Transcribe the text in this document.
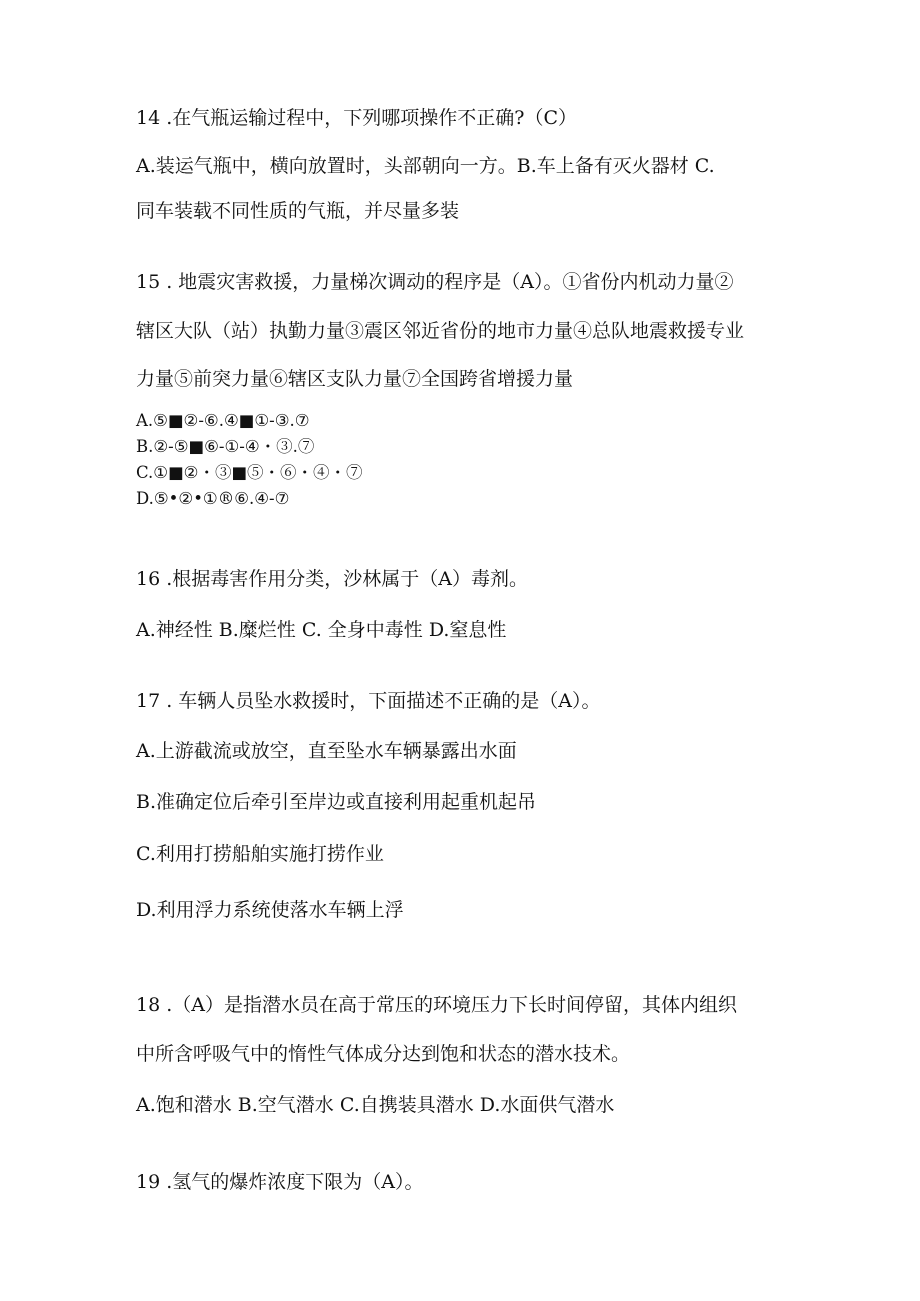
14 .在气瓶运输过程中，下列哪项操作不正确?（C）
A.装运气瓶中，横向放置时，头部朝向一方。B.车上备有灭火器材 C.
同车装载不同性质的气瓶，并尽量多装
15 . 地震灾害救援，力量梯次调动的程序是（A）。①省份内机动力量②
辖区大队（站）执勤力量③震区邻近省份的地市力量④总队地震救援专业
力量⑤前突力量⑥辖区支队力量⑦全国跨省增援力量
A.⑤■②-⑥.④■①-③.⑦
B.②-⑤■⑥-①-④・③.⑦
C.①■②・③■⑤・⑥・④・⑦
D.⑤•②•①®⑥.④-⑦
16 .根据毒害作用分类，沙林属于（A）毒剂。
A.神经性 B.糜烂性 C. 全身中毒性 D.窒息性
17 . 车辆人员坠水救援时，下面描述不正确的是（A）。
A.上游截流或放空，直至坠水车辆暴露出水面
B.准确定位后牵引至岸边或直接利用起重机起吊
C.利用打捞船舶实施打捞作业
D.利用浮力系统使落水车辆上浮
18 .（A）是指潜水员在高于常压的环境压力下长时间停留，其体内组织
中所含呼吸气中的惰性气体成分达到饱和状态的潜水技术。
A.饱和潜水 B.空气潜水 C.自携装具潜水 D.水面供气潜水
19 .氢气的爆炸浓度下限为（A）。
